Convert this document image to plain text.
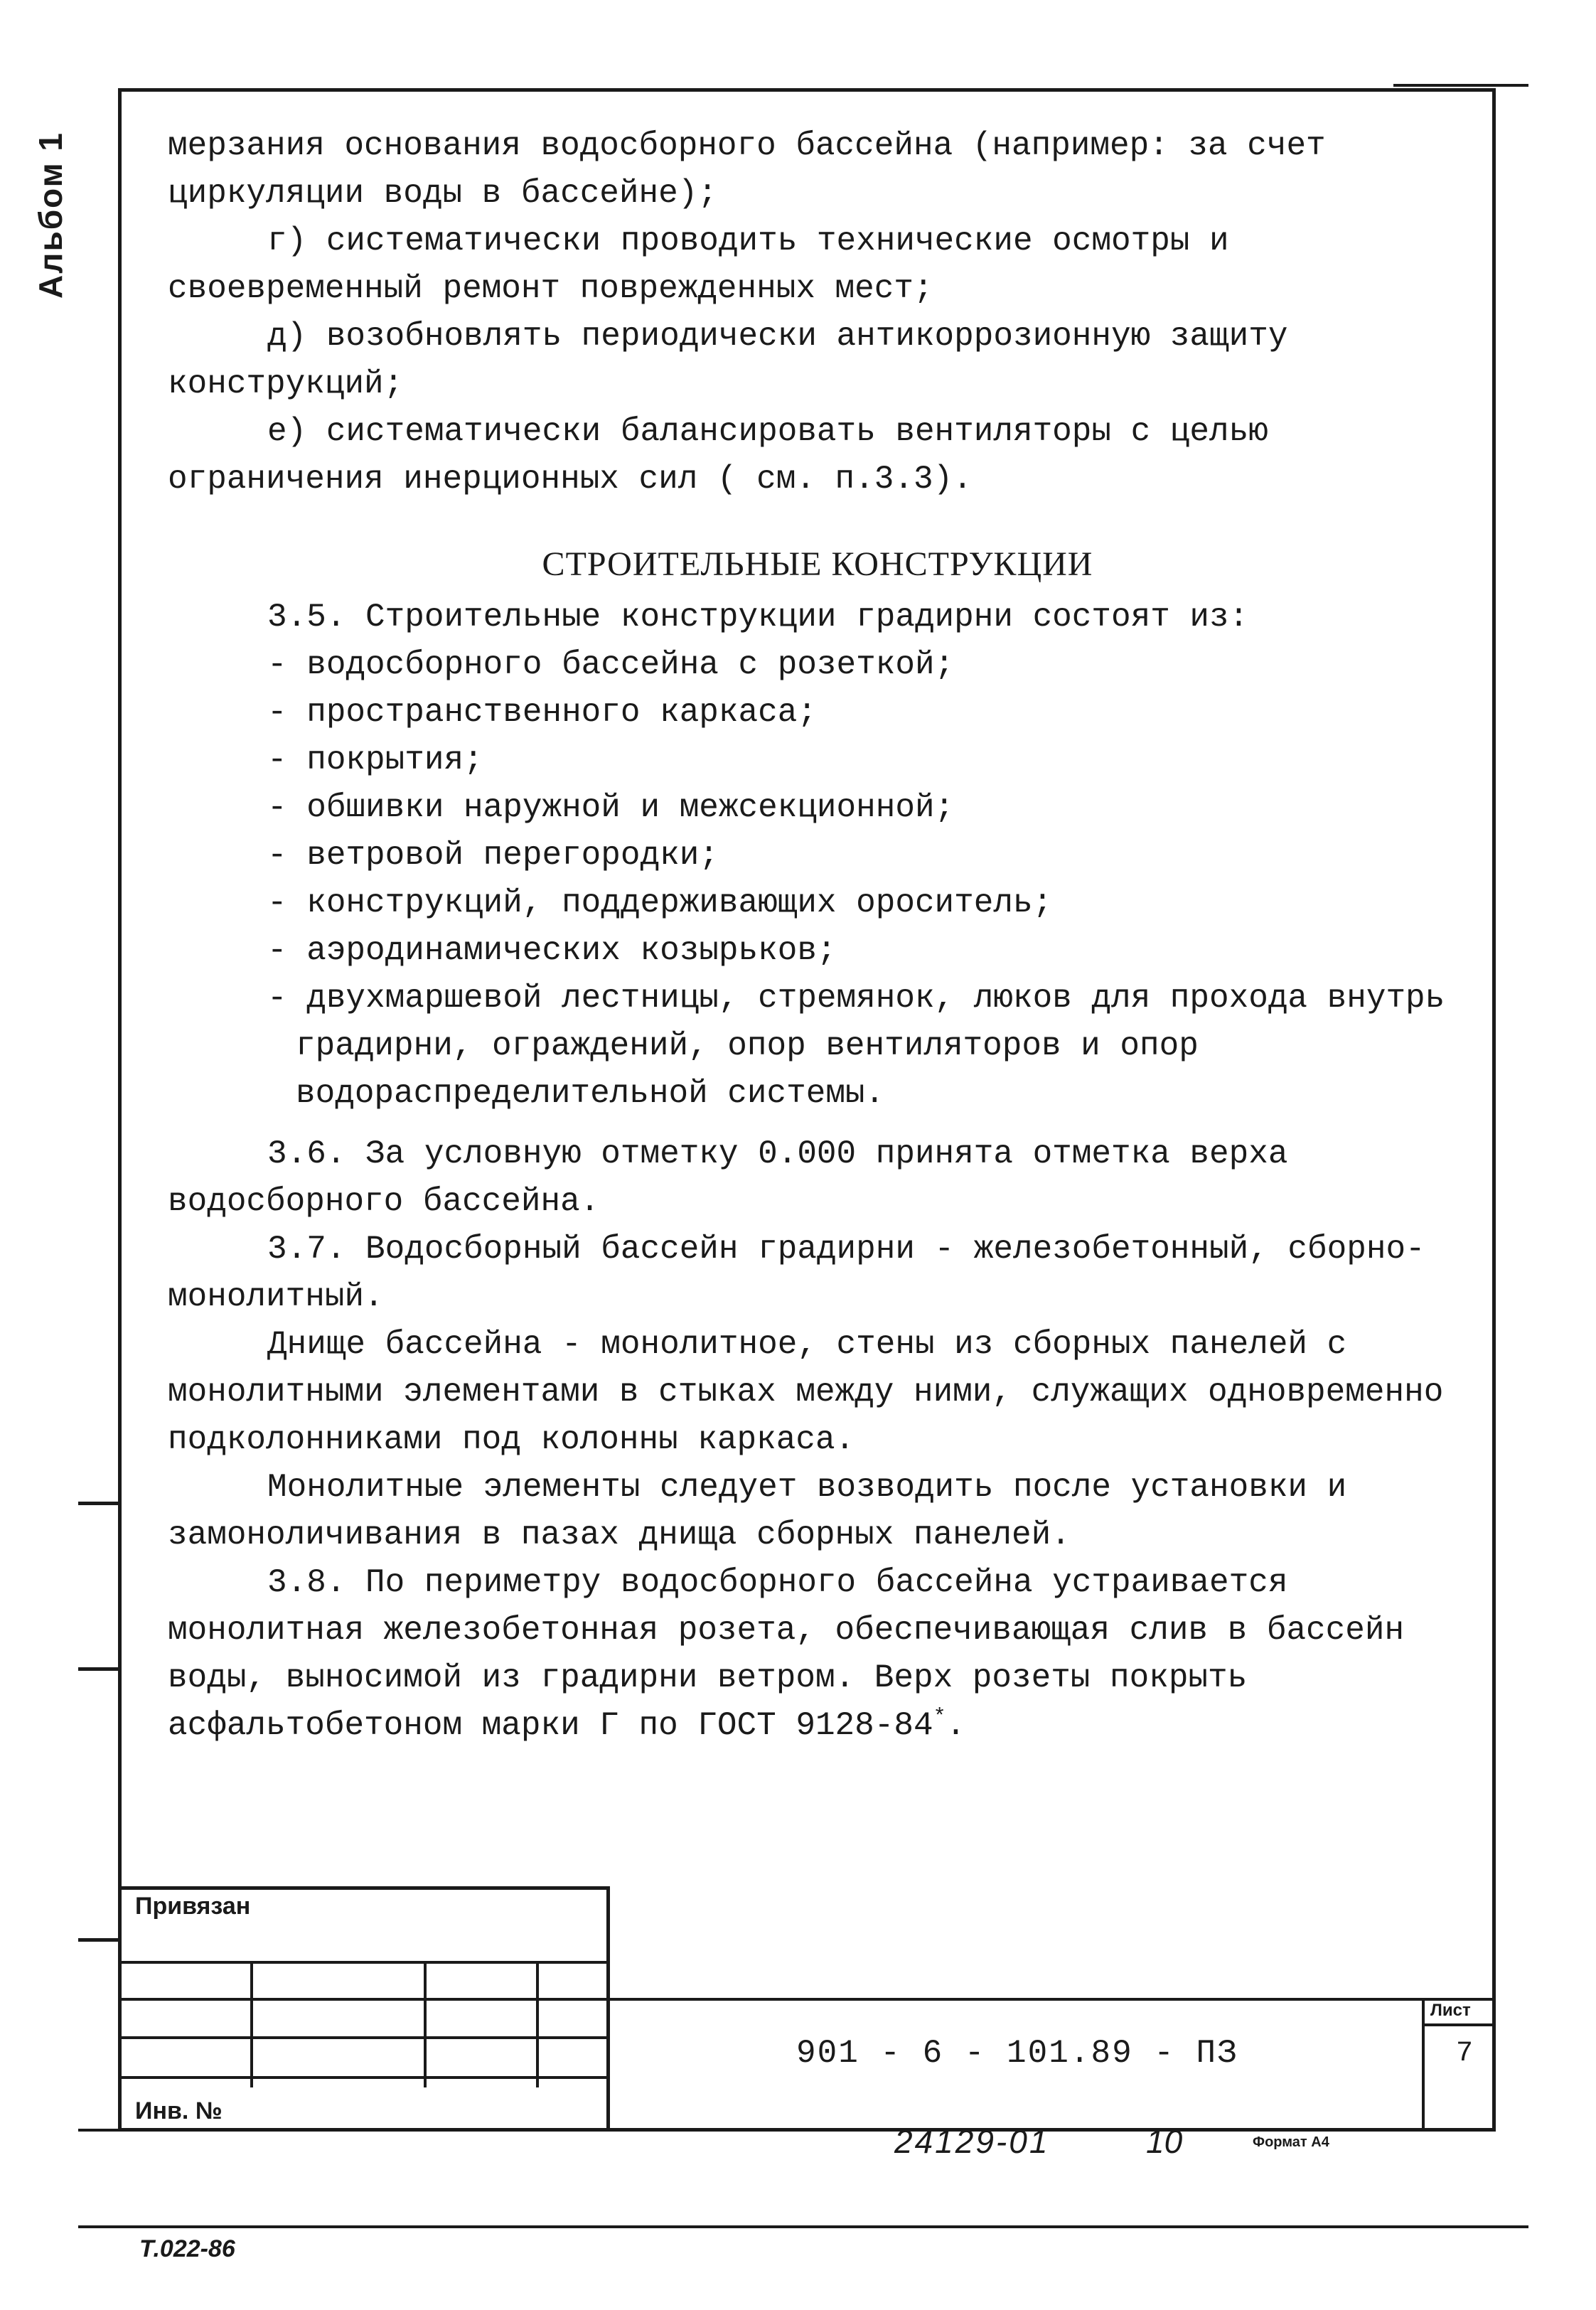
Альбом 1	мерзания основания водосборного бассейна (например: за счет циркуляции воды в бассейне);

г) систематически проводить технические осмотры и своевременный ремонт поврежденных мест;

д) возобновлять периодически антикоррозионную защиту конструкций;

е) систематически балансировать вентиляторы с целью ограничения инерционных сил ( см. п.3.3).

СТРОИТЕЛЬНЫЕ КОНСТРУКЦИИ

3.5. Строительные конструкции градирни состоят из:

- водосборного бассейна с розеткой;

- пространственного каркаса;

- покрытия;

- обшивки наружной и межсекционной;

- ветровой перегородки;

- конструкций, поддерживающих ороситель;

- аэродинамических козырьков;

- двухмаршевой лестницы, стремянок, люков для прохода внутрь градирни, ограждений, опор вентиляторов и опор водораспределительной системы.

3.6. За условную отметку 0.000 принята отметка верха водосборного бассейна.

3.7. Водосборный бассейн градирни - железобетонный, сборно-монолитный.

Днище бассейна - монолитное, стены из сборных панелей с монолитными элементами в стыках между ними, служащих одновременно подколонниками под колонны каркаса.

Монолитные элементы следует возводить после установки и замоноличивания в пазах днища сборных панелей.

3.8. По периметру водосборного бассейна устраивается монолитная железобетонная розета, обеспечивающая слив в бассейн воды, выносимой из градирни ветром. Верх розеты покрыть асфальтобетоном марки Г по ГОСТ 9128-84*.

Привязан
Лист
7
901 - 6 - 101.89 - ПЗ
Инв. №
24129-01	10	Формат А4
Т.022-86
